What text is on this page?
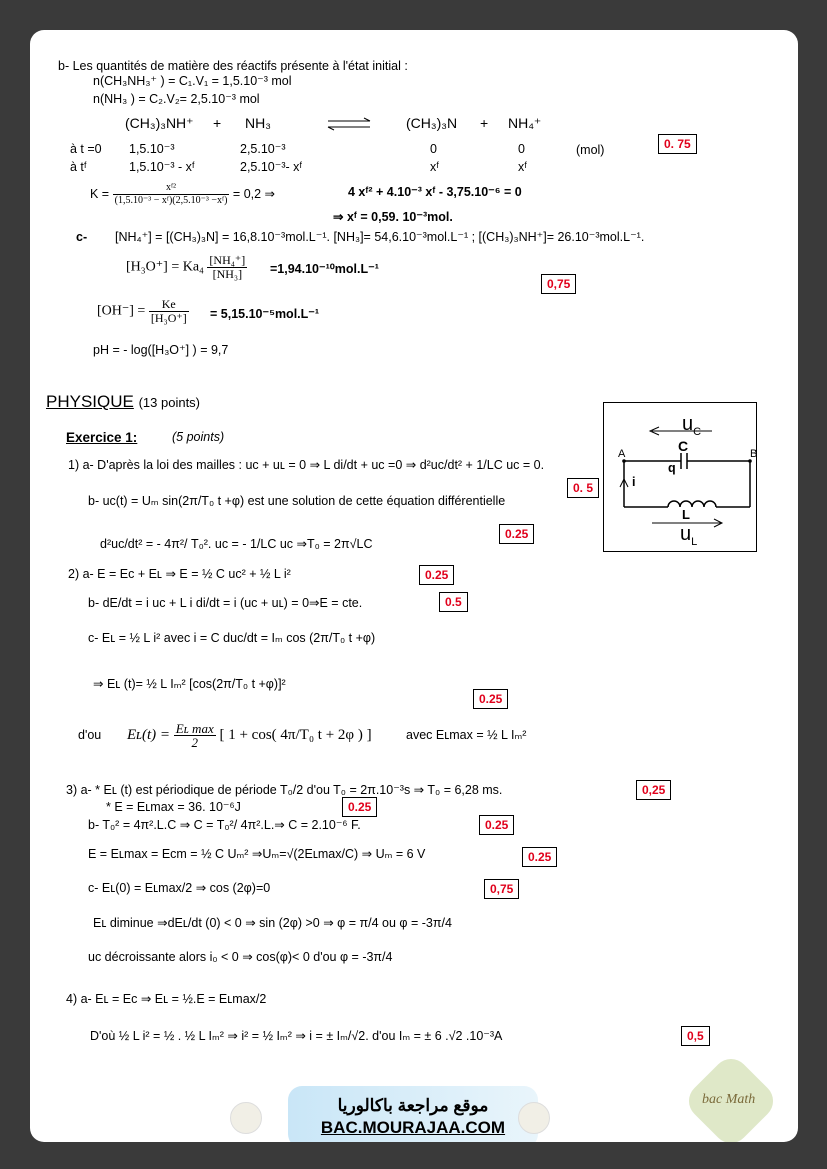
b- Les quantités de matière des réactifs présente à l'état initial :
n(CH₃NH₃⁺ ) = C₁.V₁ = 1,5.10⁻³ mol
n(NH₃ ) = C₂.V₂= 2,5.10⁻³ mol
(CH₃)₃NH⁺ + NH₃	(CH₃)₃N + NH₄⁺
à t =0 1,5.10⁻³	2,5.10⁻³	0	0	(mol)	0. 75
à tᶠ	1,5.10⁻³ - xᶠ	2,5.10⁻³- xᶠ	xᶠ	xᶠ
$K = \frac{\text{xᶠ²}}{\text{(1,5.10⁻³ − xᶠ)(2,5.10⁻³ −xᶠ)}} = 0,2$ ⇒	4 xᶠ² + 4.10⁻³ xᶠ - 3,75.10⁻⁶ = 0
⇒ xᶠ = 0,59. 10⁻³mol.
c- [NH₄⁺] = [(CH₃)₃N] = 16,8.10⁻³mol.L⁻¹. [NH₃]= 54,6.10⁻³mol.L⁻¹ ; [(CH₃)₃NH⁺]= 26.10⁻³mol.L⁻¹.
$[H_3O^+] = Ka_4 \frac{\text{[NH₄⁺]}}{\text{[NH₃]}} =1,94.10^{-10}mol.L^{-1}$
0,75
$[OH^-] = \frac{Ke}{\text{[H₃O⁺]}} = 5,15.10^{-5}mol.L^{-1}$
pH = - log([H₃O⁺] ) = 9,7
PHYSIQUE (13 points)
Exercice 1:	(5 points)
1) a- D'après la loi des mailles : uᴄ + uʟ = 0 ⇒ L di/dt + uᴄ =0 ⇒ d²uᴄ/dt² + 1/LC uᴄ = 0.
0. 5
b- uᴄ(t) = Uₘ sin(2π/T₀ t +φ) est une solution de cette équation différentielle
d²uᴄ/dt² = - 4π²/ T₀². uᴄ = - 1/LC uᴄ ⇒T₀ = 2π√LC
0.25
2) a- E = Eᴄ + Eʟ ⇒ E = ½ C uᴄ² + ½ L i²	0.25
b- dE/dt = i uᴄ + L i di/dt = i (uᴄ + uʟ) = 0⇒E = cte.	0.5
c- Eʟ = ½ L i² avec i = C duᴄ/dt = Iₘ cos (2π/T₀ t +φ)
⇒ Eʟ (t)= ½ L Iₘ² [cos(2π/T₀ t +φ)]²
0.25
d'ou Eʟ(t) = $\frac{\text{Eʟ max}}{2}$ [ 1 + cos( 4π/T₀ t + 2φ ) ]	avec Eʟmax = ½ L Iₘ²
3) a- * Eʟ (t) est périodique de période T₀/2 d'ou T₀ = 2π.10⁻³s ⇒ T₀ = 6,28 ms.	0,25
* E = Eʟmax = 36. 10⁻⁶J	0.25
b- T₀² = 4π².L.C ⇒ C = T₀²/ 4π².L.⇒ C = 2.10⁻⁶ F.	0.25
E = Eʟmax = Eᴄm = ½ C Uₘ² ⇒Uₘ=√(2Eʟmax/C) ⇒ Uₘ = 6 V	0.25
c- Eʟ(0) = Eʟmax/2 ⇒ cos (2φ)=0	0,75
Eʟ diminue ⇒dEʟ/dt (0) < 0 ⇒ sin (2φ) >0 ⇒ φ = π/4 ou φ = -3π/4
uc décroissante alors i₀ < 0 ⇒ cos(φ)< 0 d'ou φ = -3π/4
4) a- Eʟ = Eᴄ ⇒ Eʟ = ½.E = Eʟmax/2
D'où ½ L i² = ½ . ½ L Iₘ² ⇒ i² = ½ Iₘ² ⇒ i = ± Iₘ/√2. d'ou Iₘ = ± 6 .√2 .10⁻³A	0,5
$u_C$
C
q
A	B
i
L
$u_L$
موقع مراجعة باكالوريا
BAC.MOURAJAA.COM
bac Math
